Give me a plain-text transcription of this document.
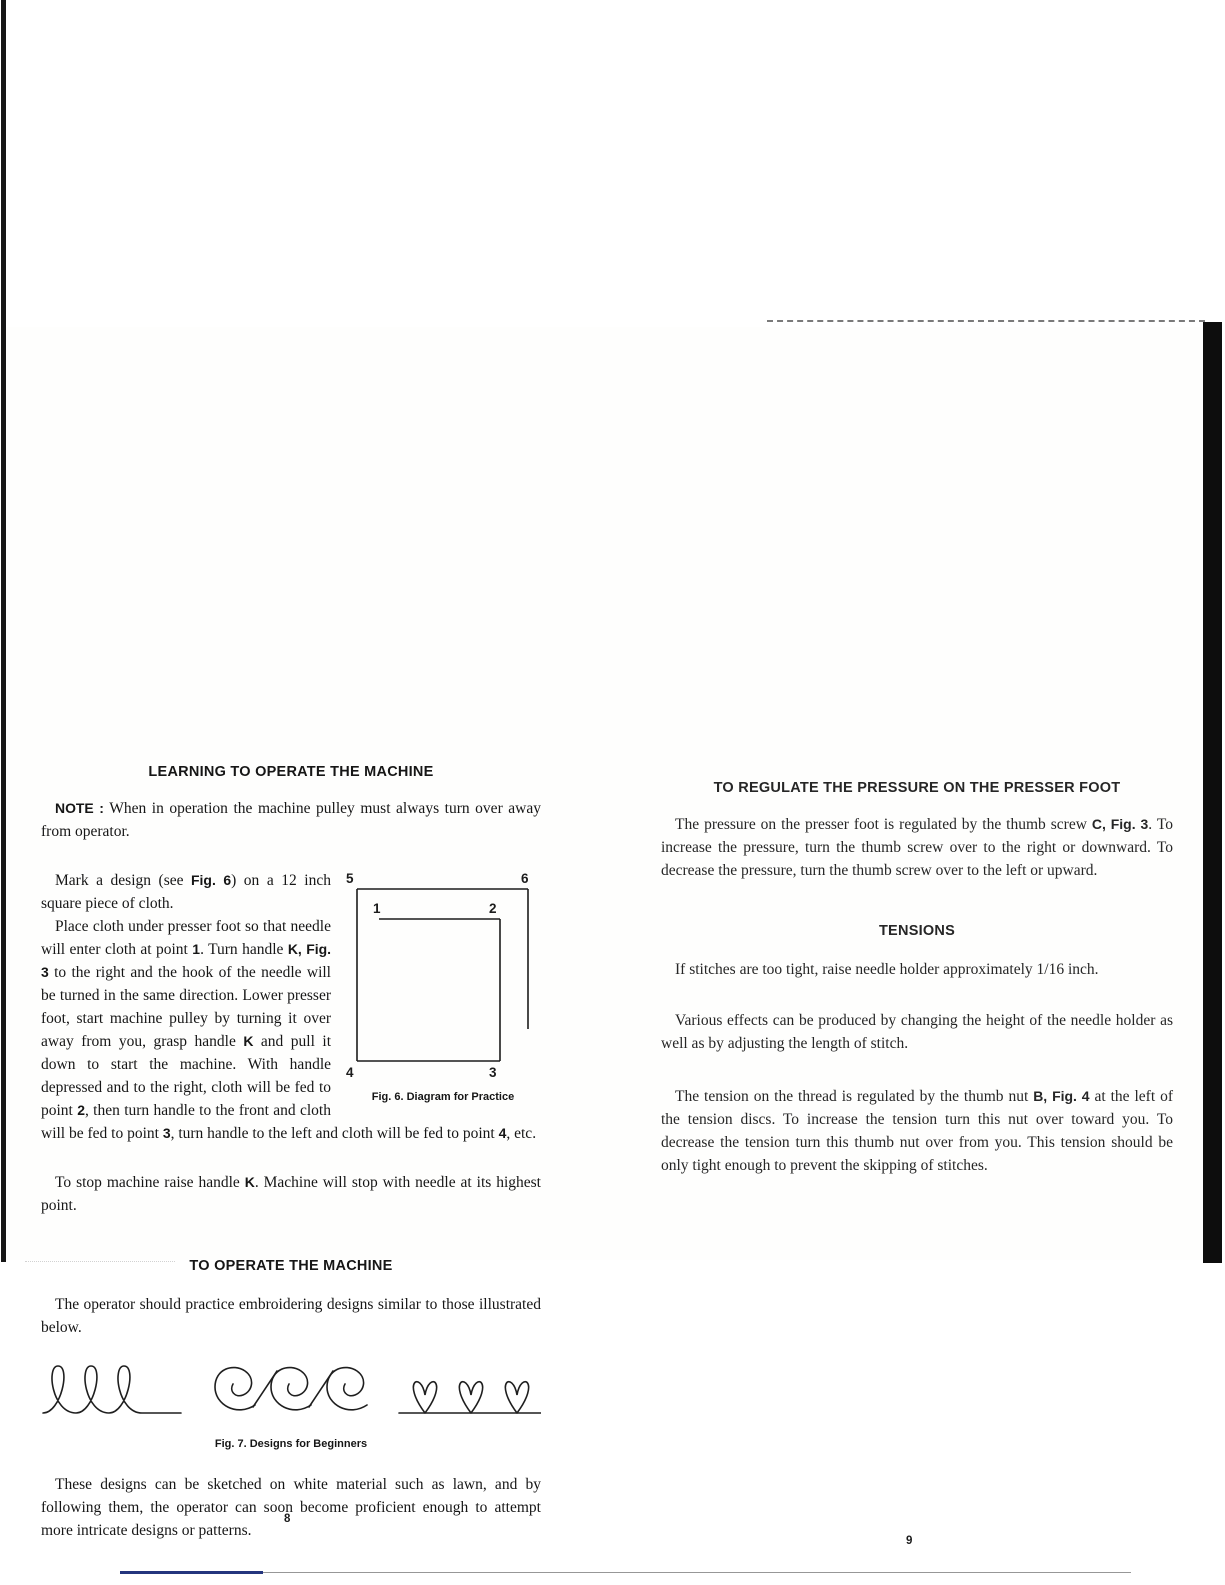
LEARNING TO OPERATE THE MACHINE

NOTE : When in operation the machine pulley must always turn over away from operator.

5	6
1	2
4	3
Fig. 6. Diagram for Practice

Mark a design (see Fig. 6) on a 12 inch square piece of cloth.

Place cloth under presser foot so that needle will enter cloth at point 1. Turn handle K, Fig. 3 to the right and the hook of the needle will be turned in the same direction. Lower presser foot, start machine pulley by turning it over away from you, grasp handle K and pull it down to start the machine. With handle depressed and to the right, cloth will be fed to point 2, then turn handle to the front and cloth will be fed to point 3, turn handle to the left and cloth will be fed to point 4, etc.

To stop machine raise handle K. Machine will stop with needle at its highest point.

TO OPERATE THE MACHINE

The operator should practice embroidering designs similar to those illustrated below.

Fig. 7. Designs for Beginners

These designs can be sketched on white material such as lawn, and by following them, the operator can soon become proficient enough to attempt more intricate designs or patterns.

TO REGULATE THE PRESSURE ON THE PRESSER FOOT

The pressure on the presser foot is regulated by the thumb screw C, Fig. 3. To increase the pressure, turn the thumb screw over to the right or downward. To decrease the pressure, turn the thumb screw over to the left or upward.

TENSIONS

If stitches are too tight, raise needle holder approximately 1/16 inch.

Various effects can be produced by changing the height of the needle holder as well as by adjusting the length of stitch.

The tension on the thread is regulated by the thumb nut B, Fig. 4 at the left of the tension discs. To increase the tension turn this nut over toward you. To decrease the tension turn this thumb nut over from you. This tension should be only tight enough to prevent the skipping of stitches.

8
9
